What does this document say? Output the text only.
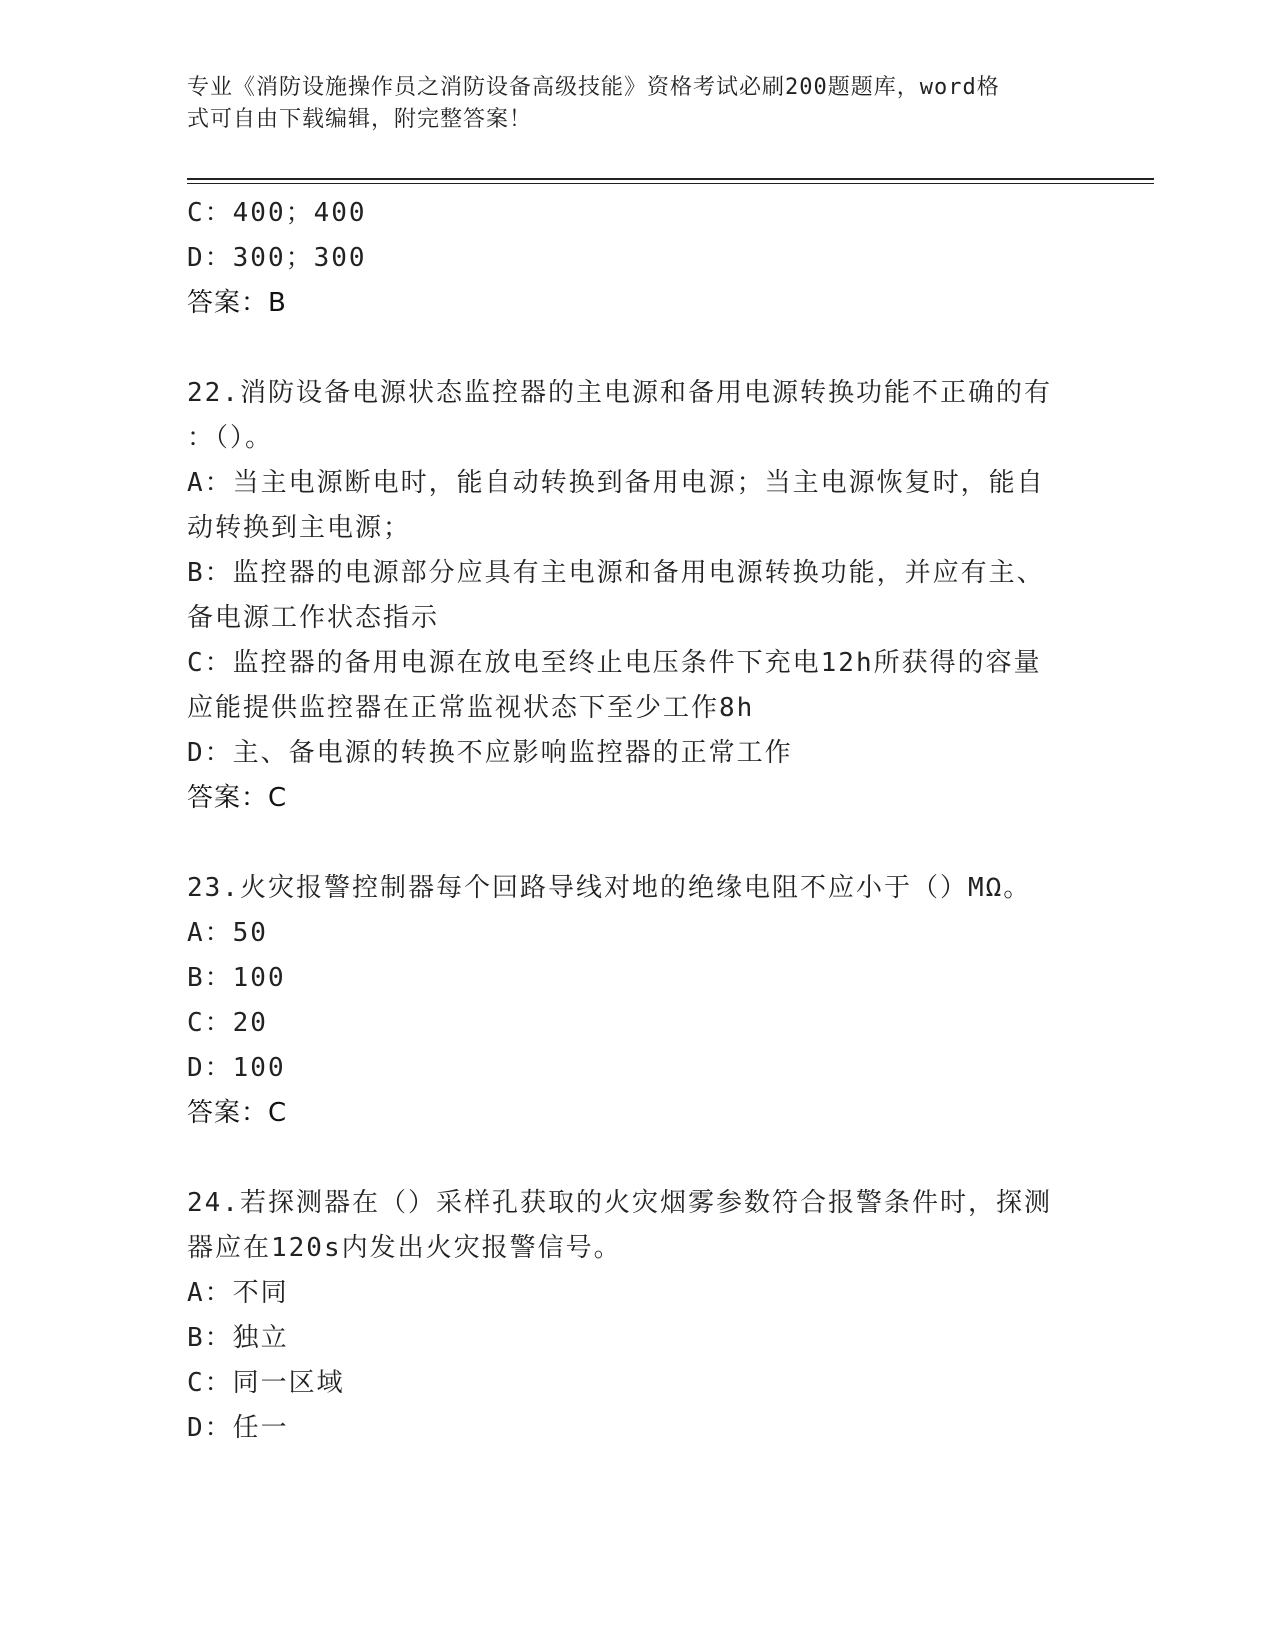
专业《消防设施操作员之消防设备高级技能》资格考试必刷200题题库，word格
式可自由下载编辑，附完整答案！
C：400；400
D：300；300
答案：B
22.消防设备电源状态监控器的主电源和备用电源转换功能不正确的有
：（）。
A：当主电源断电时，能自动转换到备用电源；当主电源恢复时，能自
动转换到主电源；
B：监控器的电源部分应具有主电源和备用电源转换功能，并应有主、
备电源工作状态指示
C：监控器的备用电源在放电至终止电压条件下充电12h所获得的容量
应能提供监控器在正常监视状态下至少工作8h
D：主、备电源的转换不应影响监控器的正常工作
答案：C
23.火灾报警控制器每个回路导线对地的绝缘电阻不应小于（）MΩ。
A：50
B：100
C：20
D：100
答案：C
24.若探测器在（）采样孔获取的火灾烟雾参数符合报警条件时，探测
器应在120s内发出火灾报警信号。
A：不同
B：独立
C：同一区域
D：任一
